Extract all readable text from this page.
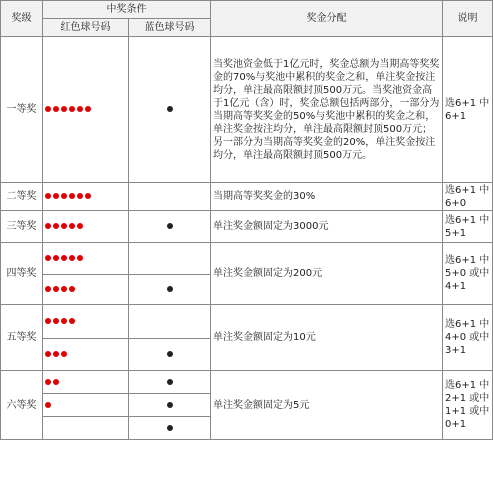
奖级	中奖条件		奖金分配	说明
	红色球号码	蓝色球号码		
一等奖			当奖池资金低于1亿元时，奖金总额为当期高等奖奖金的70%与奖池中累积的奖金之和，单注奖金按注均分，单注最高限额封顶500万元。当奖池资金高于1亿元（含）时，奖金总额包括两部分，一部分为当期高等奖奖金的50%与奖池中累积的奖金之和，单注奖金按注均分，单注最高限额封顶500万元；另一部分为当期高等奖奖金的20%，单注奖金按注均分，单注最高限额封顶500万元。	选6+1 中6+1
二等奖			当期高等奖奖金的30%	选6+1 中6+0
三等奖			单注奖金额固定为3000元	选6+1 中5+1
四等奖			单注奖金额固定为200元	选6+1 中5+0 或中 4+1

五等奖			单注奖金额固定为10元	选6+1 中4+0 或中 3+1

六等奖			单注奖金额固定为5元	选6+1 中2+1 或中 1+1 或中 0+1
